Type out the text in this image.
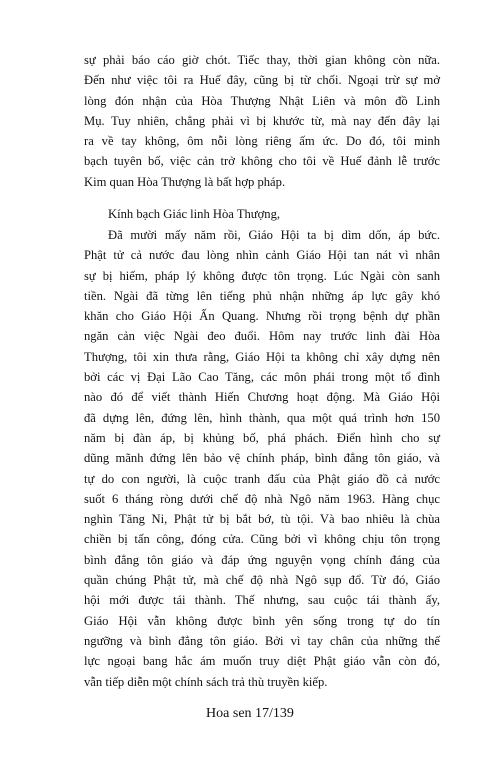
sự phải báo cáo giờ chót. Tiếc thay, thời gian không còn nữa.
Đến như việc tôi ra Huế đây, cũng bị từ chối. Ngoại trừ sự mở
lòng đón nhận của Hòa Thượng Nhật Liên và môn đồ Linh
Mụ. Tuy nhiên, chẳng phải vì bị khước từ, mà nay đến đây lại
ra về tay không, ôm nỗi lòng riêng ấm ức. Do đó, tôi minh
bạch tuyên bố, việc cản trở không cho tôi về Huế đảnh lễ trước
Kim quan Hòa Thượng là bất hợp pháp.
Kính bạch Giác linh Hòa Thượng,
Đã mười mấy năm rồi, Giáo Hội ta bị dìm dốn, áp bức.
Phật tử cả nước đau lòng nhìn cảnh Giáo Hội tan nát vì nhân
sự bị hiếm, pháp lý không được tôn trọng. Lúc Ngài còn sanh
tiền. Ngài đã từng lên tiếng phủ nhận những áp lực gây khó
khăn cho Giáo Hội Ấn Quang. Nhưng rồi trọng bệnh dự phần
ngăn cản việc Ngài đeo đuổi. Hôm nay trước linh đài Hòa
Thượng, tôi xin thưa rằng, Giáo Hội ta không chỉ xây dựng nên
bởi các vị Đại Lão Cao Tăng, các môn phái trong một tổ đình
nào đó để viết thành Hiến Chương hoạt động. Mà Giáo Hội
đã dựng lên, đứng lên, hình thành, qua một quá trình hơn 150
năm bị đàn áp, bị khủng bố, phá phách. Điển hình cho sự
dũng mãnh đứng lên bảo vệ chính pháp, bình đẳng tôn giáo, và
tự do con người, là cuộc tranh đấu của Phật giáo đồ cả nước
suốt 6 tháng ròng dưới chế độ nhà Ngô năm 1963. Hàng chục
nghìn Tăng Ni, Phật tử bị bắt bớ, tù tội. Và bao nhiêu là chùa
chiền bị tấn công, đóng cửa. Cũng bởi vì không chịu tôn trọng
bình đẳng tôn giáo và đáp ứng nguyện vọng chính đáng của
quần chúng Phật tử, mà chế độ nhà Ngô sụp đổ. Từ đó, Giáo
hội mới được tái thành. Thế nhưng, sau cuộc tái thành ấy,
Giáo Hội vẫn không được bình yên sống trong tự do tín
ngưỡng và bình đẳng tôn giáo. Bởi vì tay chân của những thế
lực ngoại bang hắc ám muốn truy diệt Phật giáo vẫn còn đó,
vẫn tiếp diễn một chính sách trả thù truyền kiếp.
Hoa sen 17/139
